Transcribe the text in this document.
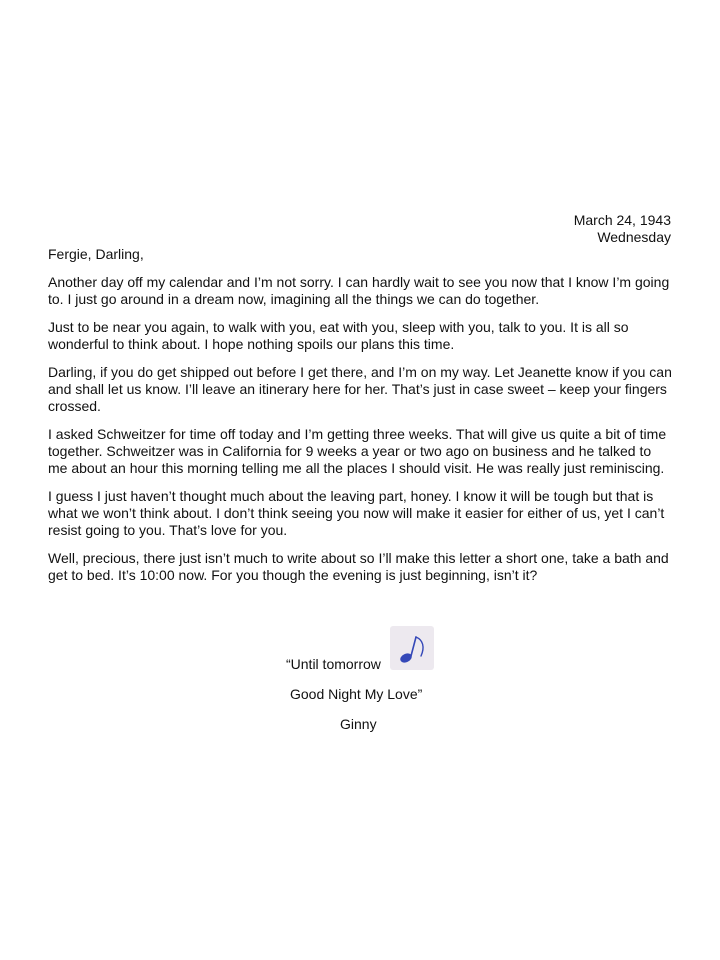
March 24, 1943
Wednesday

Fergie, Darling,

Another day off my calendar and I’m not sorry. I can hardly wait to see you now that I know I’m going to. I just go around in a dream now, imagining all the things we can do together.

Just to be near you again, to walk with you, eat with you, sleep with you, talk to you. It is all so wonderful to think about. I hope nothing spoils our plans this time.

Darling, if you do get shipped out before I get there, and I’m on my way. Let Jeanette know if you can and shall let us know. I’ll leave an itinerary here for her. That’s just in case sweet – keep your fingers crossed.

I asked Schweitzer for time off today and I’m getting three weeks. That will give us quite a bit of time together. Schweitzer was in California for 9 weeks a year or two ago on business and he talked to me about an hour this morning telling me all the places I should visit. He was really just reminiscing.

I guess I just haven’t thought much about the leaving part, honey. I know it will be tough but that is what we won’t think about. I don’t think seeing you now will make it easier for either of us, yet I can’t resist going to you. That’s love for you.

Well, precious, there just isn’t much to write about so I’ll make this letter a short one, take a bath and get to bed. It’s 10:00 now. For you though the evening is just beginning, isn’t it?

“Until tomorrow
Good Night My Love”
Ginny
